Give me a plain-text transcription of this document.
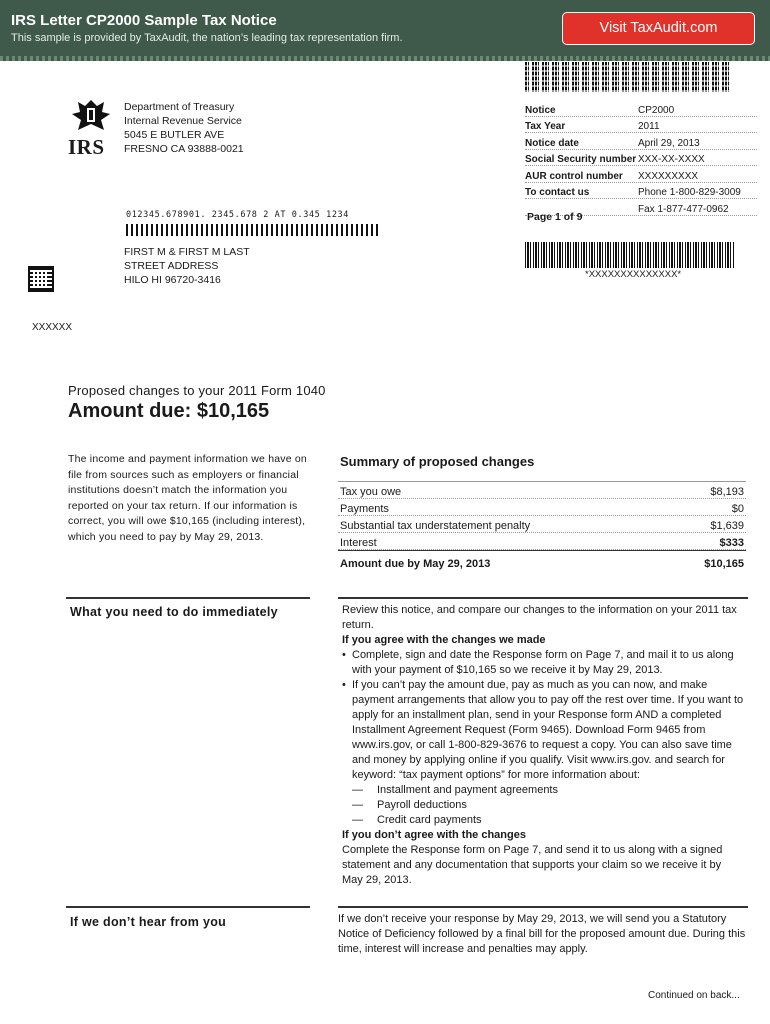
IRS Letter CP2000 Sample Tax Notice
This sample is provided by TaxAudit, the nation’s leading tax representation firm.
Visit TaxAudit.com
IRS
Department of Treasury
Internal Revenue Service
5045 E BUTLER AVE
FRESNO CA 93888-0021
012345.678901. 2345.678 2 AT 0.345 1234
FIRST M & FIRST M LAST
STREET ADDRESS
HILO HI 96720-3416
XXXXXX
Notice	CP2000
Tax Year	2011
Notice date	April 29, 2013
Social Security number XXX-XX-XXXX
AUR control number	XXXXXXXXX
To contact us	Phone 1-800-829-3009
Fax 1-877-477-0962
Page 1 of 9
*XXXXXXXXXXXXXX*
Proposed changes to your 2011 Form 1040
Amount due: $10,165
The income and payment information we have on file from sources such as employers or financial institutions doesn’t match the information you reported on your tax return. If our information is correct, you will owe $10,165 (including interest), which you need to pay by May 29, 2013.
Summary of proposed changes
Tax you owe	$8,193
Payments	$0
Substantial tax understatement penalty	$1,639
Interest	$333
Amount due by May 29, 2013	$10,165
What you need to do immediately	Review this notice, and compare our changes to the information on your 2011 tax return.
If you agree with the changes we made
• Complete, sign and date the Response form on Page 7, and mail it to us along with your payment of $10,165 so we receive it by May 29, 2013.
• If you can’t pay the amount due, pay as much as you can now, and make payment arrangements that allow you to pay off the rest over time. If you want to apply for an installment plan, send in your Response form AND a completed Installment Agreement Request (Form 9465). Download Form 9465 from www.irs.gov, or call 1-800-829-3676 to request a copy. You can also save time and money by applying online if you qualify. Visit www.irs.gov. and search for keyword: “tax payment options” for more information about:
— Installment and payment agreements
— Payroll deductions
— Credit card payments
If you don’t agree with the changes
Complete the Response form on Page 7, and send it to us along with a signed statement and any documentation that supports your claim so we receive it by May 29, 2013.
If we don’t hear from you	If we don’t receive your response by May 29, 2013, we will send you a Statutory Notice of Deficiency followed by a final bill for the proposed amount due. During this time, interest will increase and penalties may apply.
Continued on back...
